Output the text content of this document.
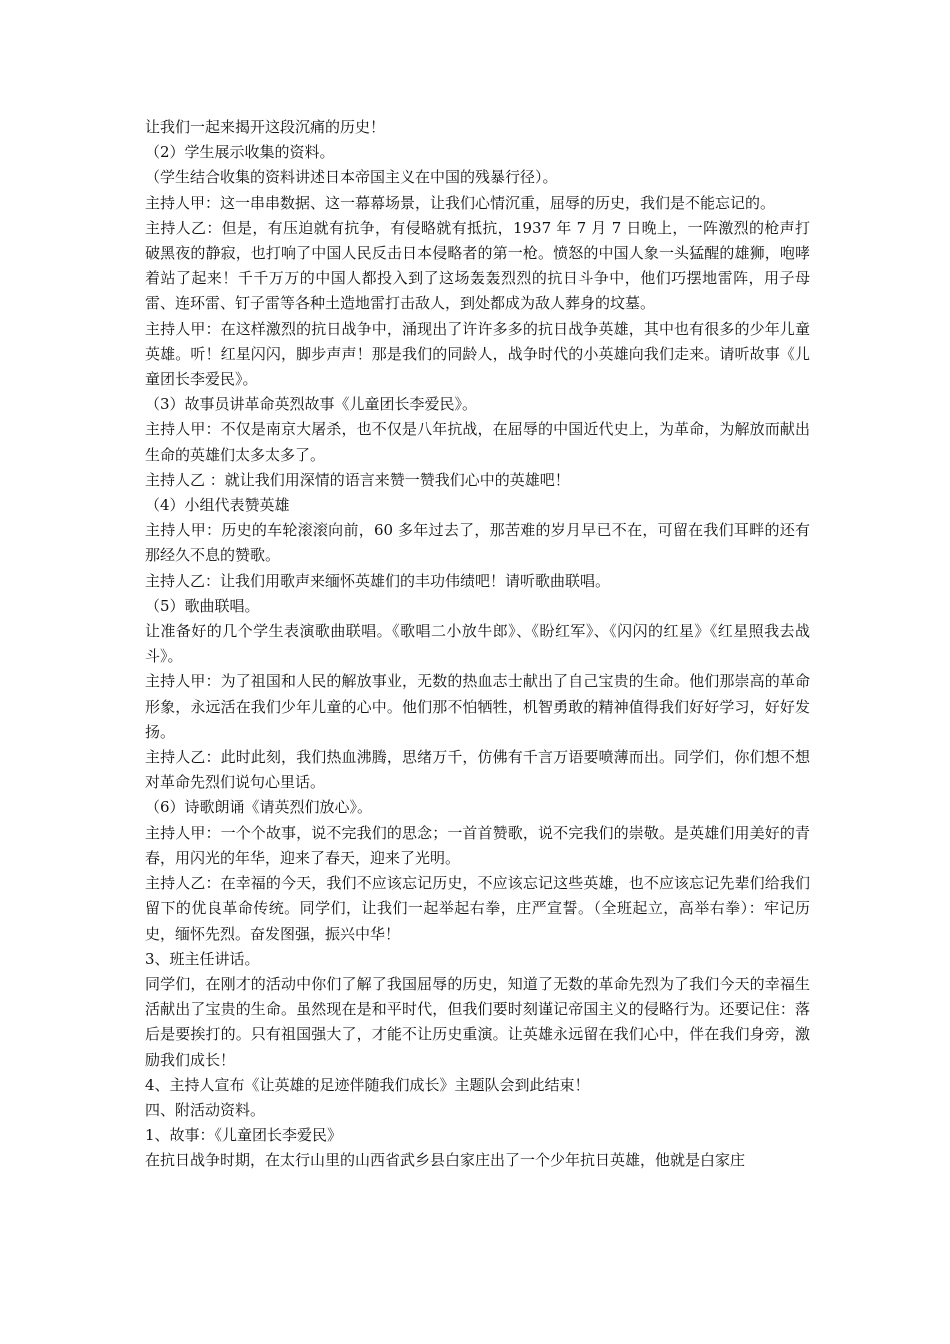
让我们一起来揭开这段沉痛的历史！

（2）学生展示收集的资料。

（学生结合收集的资料讲述日本帝国主义在中国的残暴行径）。

主持人甲：这一串串数据、这一幕幕场景，让我们心情沉重，屈辱的历史，我们是不能忘记的。

主持人乙：但是，有压迫就有抗争，有侵略就有抵抗，1937 年 7 月 7 日晚上，一阵激烈的枪声打破黑夜的静寂，也打响了中国人民反击日本侵略者的第一枪。愤怒的中国人象一头猛醒的雄狮，咆哮着站了起来！千千万万的中国人都投入到了这场轰轰烈烈的抗日斗争中，他们巧摆地雷阵，用子母雷、连环雷、钉子雷等各种土造地雷打击敌人，到处都成为敌人葬身的坟墓。

主持人甲：在这样激烈的抗日战争中，涌现出了许许多多的抗日战争英雄，其中也有很多的少年儿童英雄。听！红星闪闪，脚步声声！那是我们的同龄人，战争时代的小英雄向我们走来。请听故事《儿童团长李爱民》。

（3）故事员讲革命英烈故事《儿童团长李爱民》。

主持人甲：不仅是南京大屠杀，也不仅是八年抗战，在屈辱的中国近代史上，为革命，为解放而献出生命的英雄们太多太多了。

主持人乙 ：就让我们用深情的语言来赞一赞我们心中的英雄吧！

（4）小组代表赞英雄

主持人甲：历史的车轮滚滚向前，60 多年过去了，那苦难的岁月早已不在，可留在我们耳畔的还有那经久不息的赞歌。

主持人乙：让我们用歌声来缅怀英雄们的丰功伟绩吧！请听歌曲联唱。

（5）歌曲联唱。

让准备好的几个学生表演歌曲联唱。《歌唱二小放牛郎》、《盼红军》、《闪闪的红星》《红星照我去战斗》。

主持人甲：为了祖国和人民的解放事业，无数的热血志士献出了自己宝贵的生命。他们那崇高的革命形象，永远活在我们少年儿童的心中。他们那不怕牺牲，机智勇敢的精神值得我们好好学习，好好发扬。

主持人乙：此时此刻，我们热血沸腾，思绪万千，仿佛有千言万语要喷薄而出。同学们，你们想不想对革命先烈们说句心里话。

（6）诗歌朗诵《请英烈们放心》。

主持人甲：一个个故事，说不完我们的思念；一首首赞歌，说不完我们的崇敬。是英雄们用美好的青春，用闪光的年华，迎来了春天，迎来了光明。

主持人乙：在幸福的今天，我们不应该忘记历史，不应该忘记这些英雄，也不应该忘记先辈们给我们留下的优良革命传统。同学们，让我们一起举起右拳，庄严宣誓。（全班起立，高举右拳）：牢记历史，缅怀先烈。奋发图强，振兴中华！

3、班主任讲话。

同学们，在刚才的活动中你们了解了我国屈辱的历史，知道了无数的革命先烈为了我们今天的幸福生活献出了宝贵的生命。虽然现在是和平时代，但我们要时刻谨记帝国主义的侵略行为。还要记住：落后是要挨打的。只有祖国强大了，才能不让历史重演。让英雄永远留在我们心中，伴在我们身旁，激励我们成长！

4、主持人宣布《让英雄的足迹伴随我们成长》主题队会到此结束！

四、附活动资料。

1、故事：《儿童团长李爱民》

在抗日战争时期，在太行山里的山西省武乡县白家庄出了一个少年抗日英雄，他就是白家庄
